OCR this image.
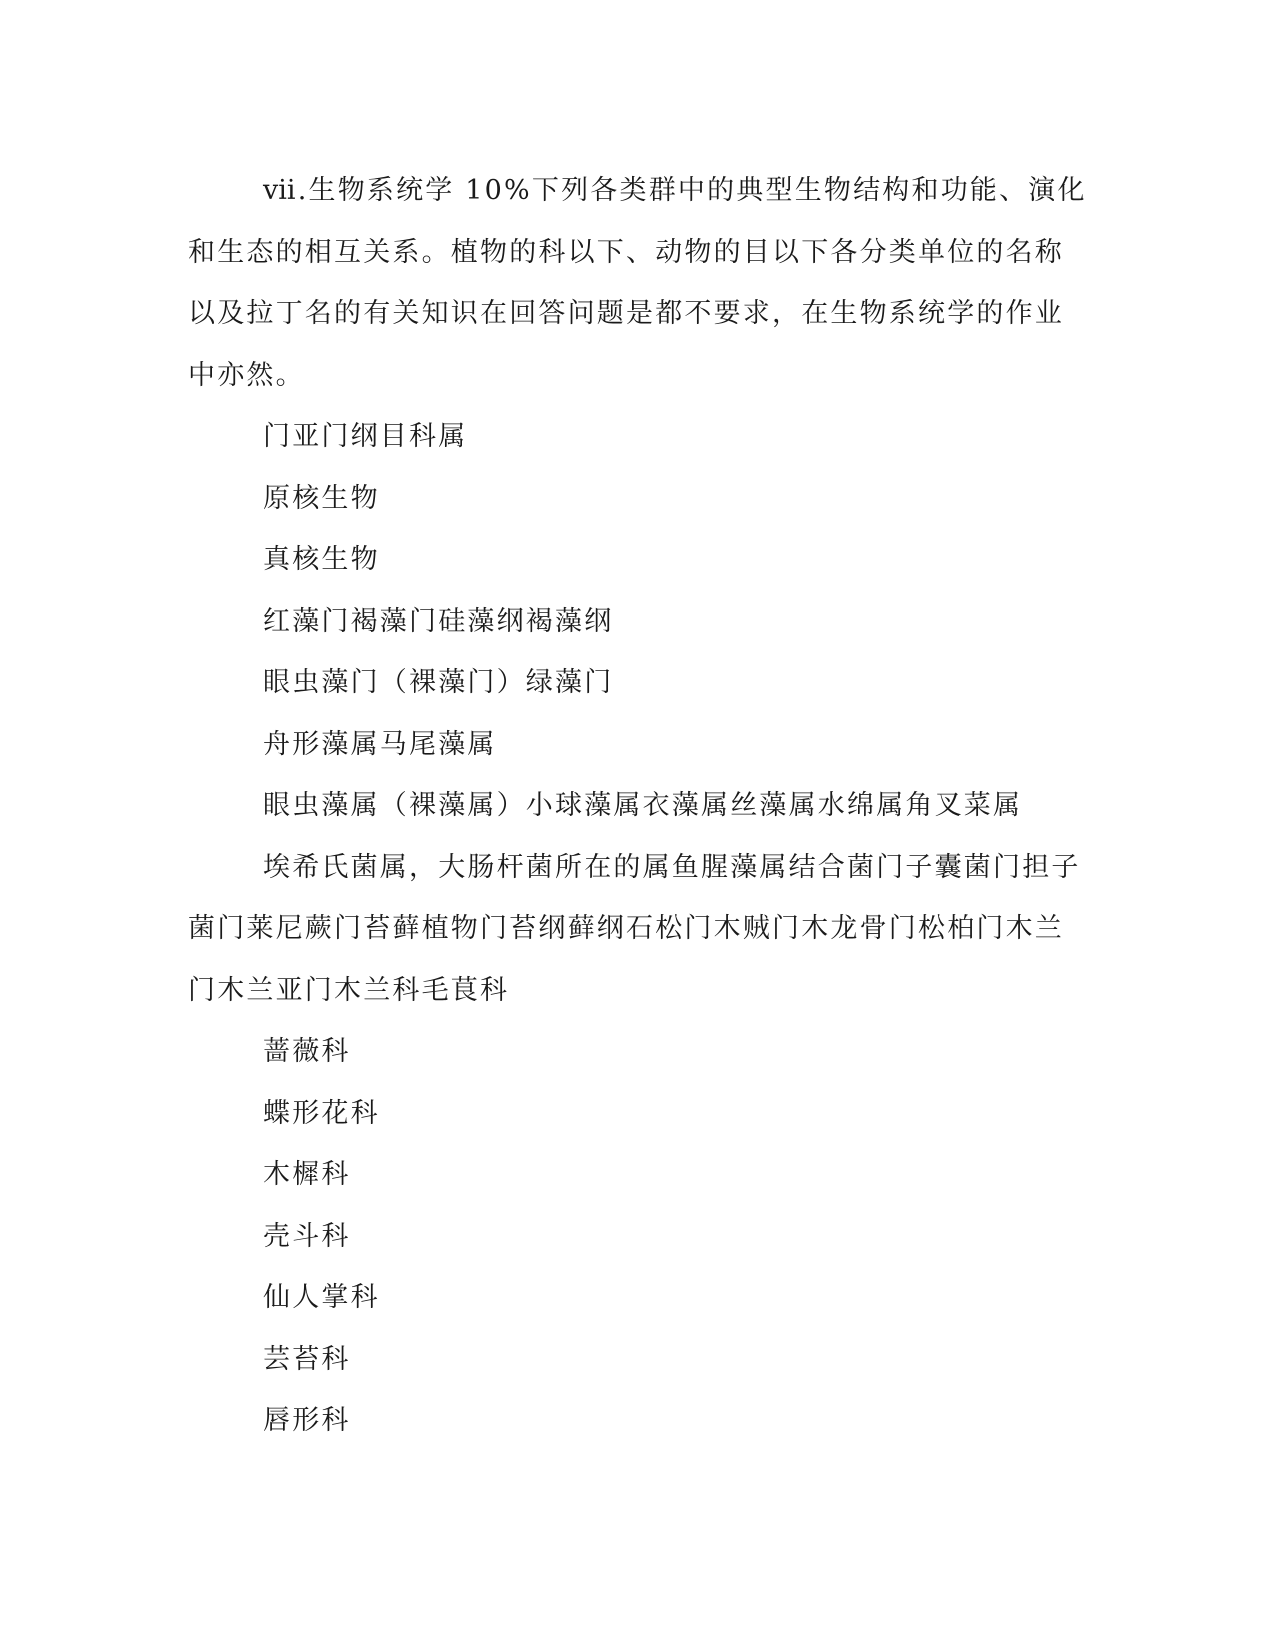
ⅶ.生物系统学 10%下列各类群中的典型生物结构和功能、演化和生态的相互关系。植物的科以下、动物的目以下各分类单位的名称以及拉丁名的有关知识在回答问题是都不要求，在生物系统学的作业中亦然。

门亚门纲目科属

原核生物

真核生物

红藻门褐藻门硅藻纲褐藻纲

眼虫藻门（裸藻门）绿藻门

舟形藻属马尾藻属

眼虫藻属（裸藻属）小球藻属衣藻属丝藻属水绵属角叉菜属

埃希氏菌属，大肠杆菌所在的属鱼腥藻属结合菌门子囊菌门担子菌门莱尼蕨门苔藓植物门苔纲藓纲石松门木贼门木龙骨门松柏门木兰门木兰亚门木兰科毛茛科

蔷薇科

蝶形花科

木樨科

壳斗科

仙人掌科

芸苔科

唇形科
